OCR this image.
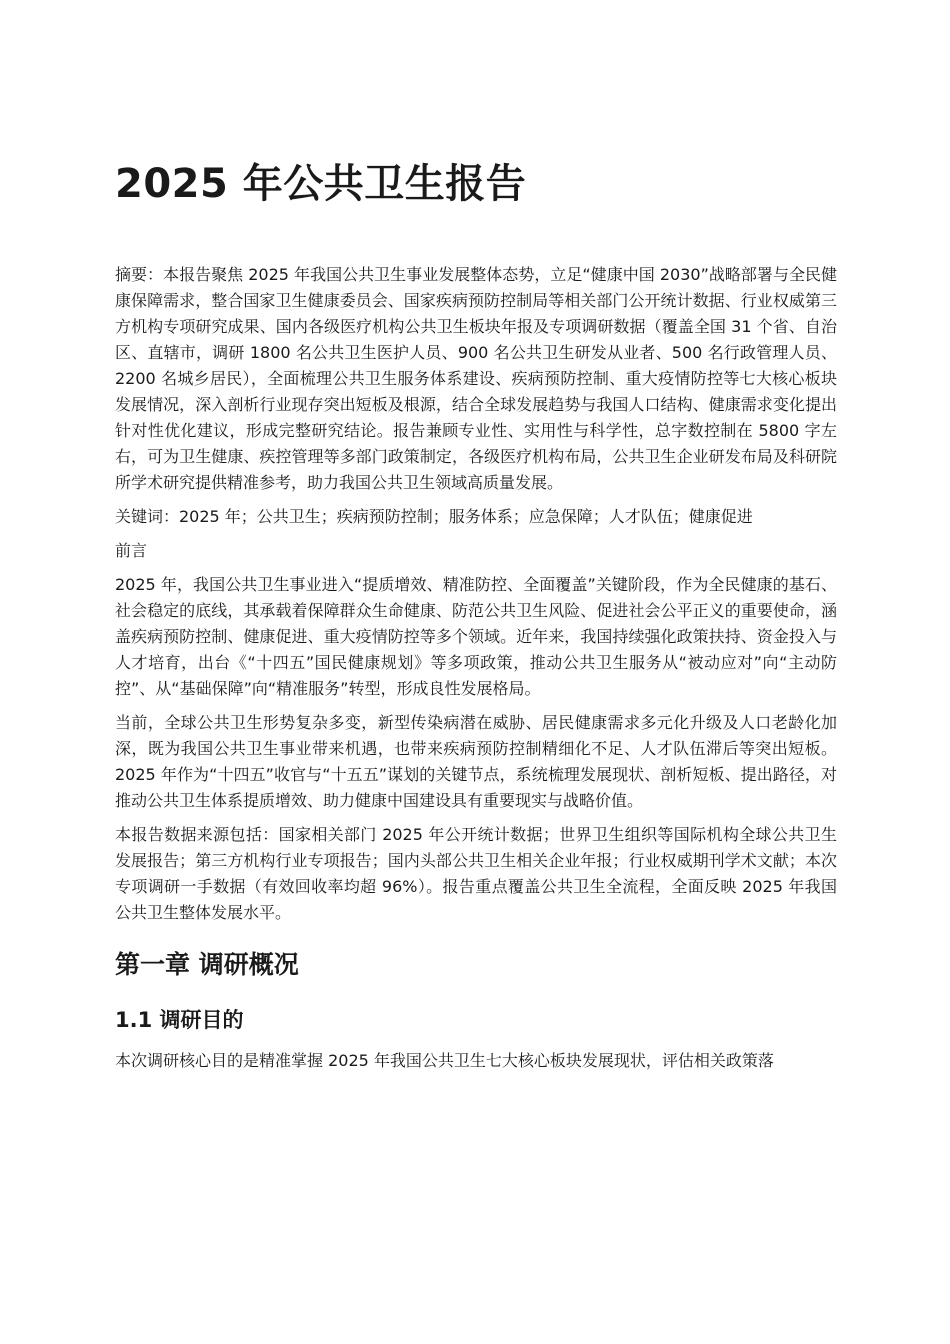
2025 年公共卫生报告

摘要：本报告聚焦 2025 年我国公共卫生事业发展整体态势，立足“健康中国 2030”战略部署与全民健康保障需求，整合国家卫生健康委员会、国家疾病预防控制局等相关部门公开统计数据、行业权威第三方机构专项研究成果、国内各级医疗机构公共卫生板块年报及专项调研数据（覆盖全国 31 个省、自治区、直辖市，调研 1800 名公共卫生医护人员、900 名公共卫生研发从业者、500 名行政管理人员、2200 名城乡居民），全面梳理公共卫生服务体系建设、疾病预防控制、重大疫情防控等七大核心板块发展情况，深入剖析行业现存突出短板及根源，结合全球发展趋势与我国人口结构、健康需求变化提出针对性优化建议，形成完整研究结论。报告兼顾专业性、实用性与科学性，总字数控制在 5800 字左右，可为卫生健康、疾控管理等多部门政策制定，各级医疗机构布局，公共卫生企业研发布局及科研院所学术研究提供精准参考，助力我国公共卫生领域高质量发展。

关键词：2025 年；公共卫生；疾病预防控制；服务体系；应急保障；人才队伍；健康促进

前言

2025 年，我国公共卫生事业进入“提质增效、精准防控、全面覆盖”关键阶段，作为全民健康的基石、社会稳定的底线，其承载着保障群众生命健康、防范公共卫生风险、促进社会公平正义的重要使命，涵盖疾病预防控制、健康促进、重大疫情防控等多个领域。近年来，我国持续强化政策扶持、资金投入与人才培育，出台《“十四五”国民健康规划》等多项政策，推动公共卫生服务从“被动应对”向“主动防控”、从“基础保障”向“精准服务”转型，形成良性发展格局。

当前，全球公共卫生形势复杂多变，新型传染病潜在威胁、居民健康需求多元化升级及人口老龄化加深，既为我国公共卫生事业带来机遇，也带来疾病预防控制精细化不足、人才队伍滞后等突出短板。2025 年作为“十四五”收官与“十五五”谋划的关键节点，系统梳理发展现状、剖析短板、提出路径，对推动公共卫生体系提质增效、助力健康中国建设具有重要现实与战略价值。

本报告数据来源包括：国家相关部门 2025 年公开统计数据；世界卫生组织等国际机构全球公共卫生发展报告；第三方机构行业专项报告；国内头部公共卫生相关企业年报；行业权威期刊学术文献；本次专项调研一手数据（有效回收率均超 96%）。报告重点覆盖公共卫生全流程，全面反映 2025 年我国公共卫生整体发展水平。

第一章 调研概况
1.1 调研目的

本次调研核心目的是精准掌握 2025 年我国公共卫生七大核心板块发展现状，评估相关政策落
